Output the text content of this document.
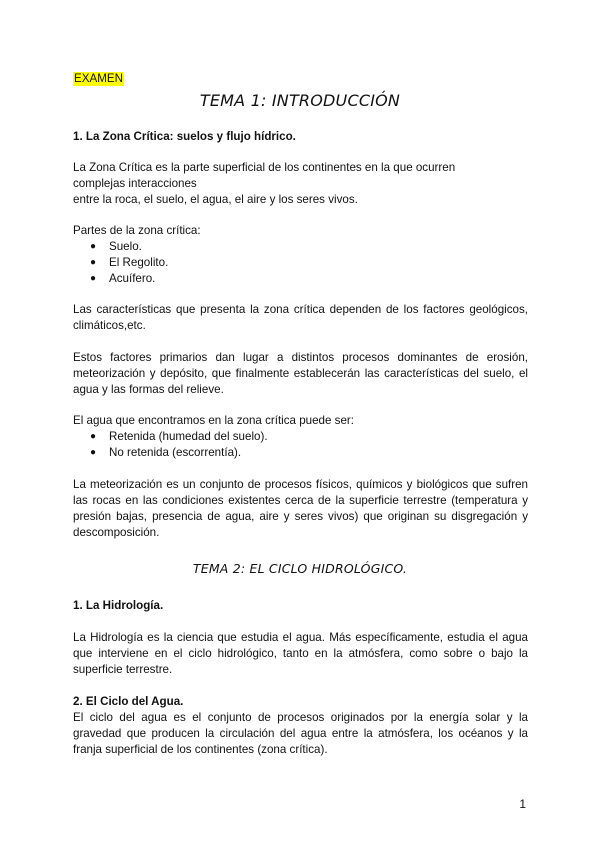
EXAMEN
TEMA 1: INTRODUCCIÓN
1. La Zona Crítica: suelos y flujo hídrico.
La Zona Crítica es la parte superficial de los continentes en la que ocurren
complejas interacciones
entre la roca, el suelo, el agua, el aire y los seres vivos.
Partes de la zona crítica:
● Suelo.
● El Regolito.
● Acuífero.
Las características que presenta la zona crítica dependen de los factores geológicos, climáticos,etc.
Estos factores primarios dan lugar a distintos procesos dominantes de erosión, meteorización y depósito, que finalmente establecerán las características del suelo, el agua y las formas del relieve.
El agua que encontramos en la zona crítica puede ser:
● Retenida (humedad del suelo).
● No retenida (escorrentía).
La meteorización es un conjunto de procesos físicos, químicos y biológicos que sufren las rocas en las condiciones existentes cerca de la superficie terrestre (temperatura y presión bajas, presencia de agua, aire y seres vivos) que originan su disgregación y descomposición.
TEMA 2: EL CICLO HIDROLÓGICO.
1. La Hidrología.
La Hidrología es la ciencia que estudia el agua. Más específicamente, estudia el agua que interviene en el ciclo hidrológico, tanto en la atmósfera, como sobre o bajo la superficie terrestre.
2. El Ciclo del Agua.
El ciclo del agua es el conjunto de procesos originados por la energía solar y la gravedad que producen la circulación del agua entre la atmósfera, los océanos y la franja superficial de los continentes (zona crítica).
1
